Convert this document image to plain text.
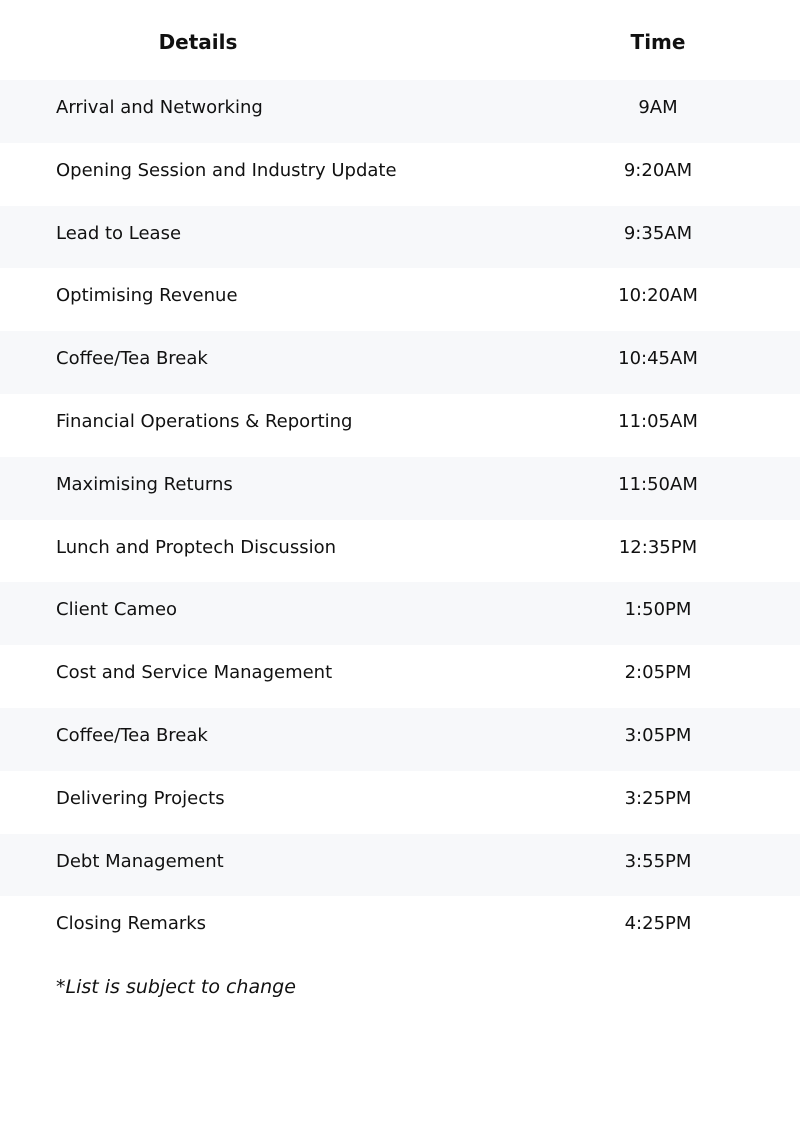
Details	Time
Arrival and Networking	9AM
Opening Session and Industry Update	9:20AM
Lead to Lease	9:35AM
Optimising Revenue	10:20AM
Coffee/Tea Break	10:45AM
Financial Operations & Reporting	11:05AM
Maximising Returns	11:50AM
Lunch and Proptech Discussion	12:35PM
Client Cameo	1:50PM
Cost and Service Management	2:05PM
Coffee/Tea Break	3:05PM
Delivering Projects	3:25PM
Debt Management	3:55PM
Closing Remarks	4:25PM
*List is subject to change
